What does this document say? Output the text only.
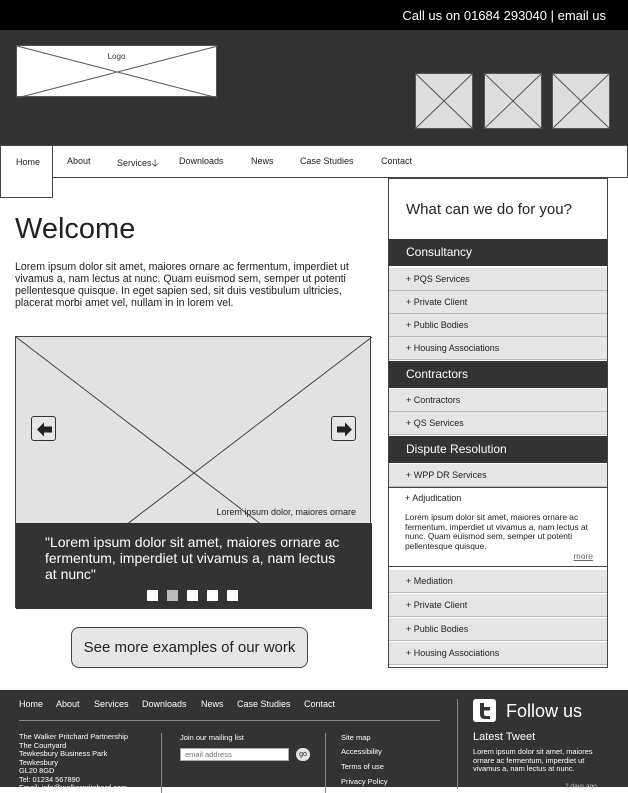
Call us on 01684 293040 | email us
Logo
Home	About	Services🡣 Downloads	News	Case Studies	Contact
Welcome

Lorem ipsum dolor sit amet, maiores ornare ac fermentum, imperdiet ut vivamus a, nam lectus at nunc. Quam euismod sem, semper ut potenti pellentesque quisque. In eget sapien sed, sit duis vestibulum ultricies, placerat morbi amet vel, nullam in in lorem vel.

Lorem ipsum dolor, maiores ornare
"Lorem ipsum dolor sit amet, maiores ornare ac fermentum, imperdiet ut vivamus a, nam lectus at nunc"
See more examples of our work
What can we do for you?
Consultancy
+ PQS Services
+ Private Client
+ Public Bodies
+ Housing Associations
Contractors
+ Contractors
+ QS Services
Dispute Resolution
+ WPP DR Services
+ Adjudication
Lorem ipsum dolor sit amet, maiores ornare ac fermentum, imperdiet ut vivamus a, nam lectus at nunc. Quam euismod sem, semper ut potenti pellentesque quisque.
more
+ Mediation
+ Private Client
+ Public Bodies
+ Housing Associations
Home About Services Downloads News Case Studies Contact
The Walker Pritchard Partnership
The Courtyard
Tewkesbury Business Park
Tewkesbury
GL20 8GD
Tel: 01234 567890
Email: info@walkerpritchard.com
Join our mailing list
email address
go
Site map
Accessibility
Terms of use
Privacy Policy
Follow us
Latest Tweet
Lorem ipsum dolor sit amet, maiores ornare ac fermentum, imperdiet ut vivamus a, nam lectus at nunc.
2 days ago
